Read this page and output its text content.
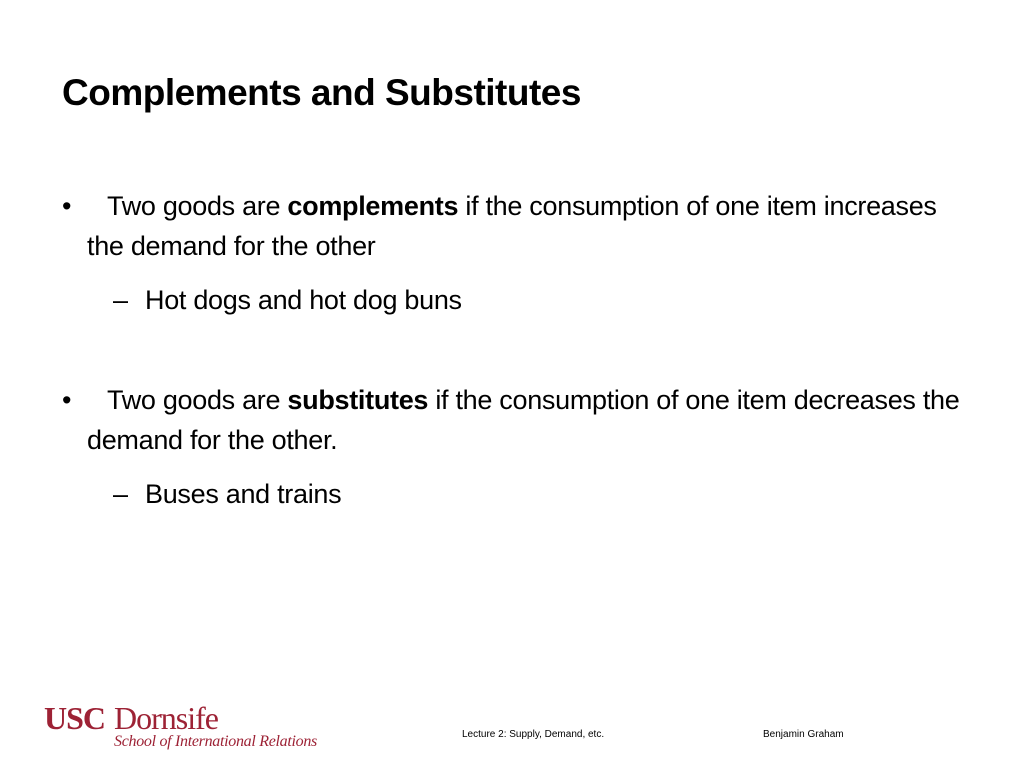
Complements and Substitutes
•	Two goods are complements if the consumption of one item increases the demand for the other
– Hot dogs and hot dog buns
•	Two goods are substitutes if the consumption of one item decreases the demand for the other.
– Buses and trains
USC Dornsife
School of International Relations	Lecture 2: Supply, Demand, etc.	Benjamin Graham
